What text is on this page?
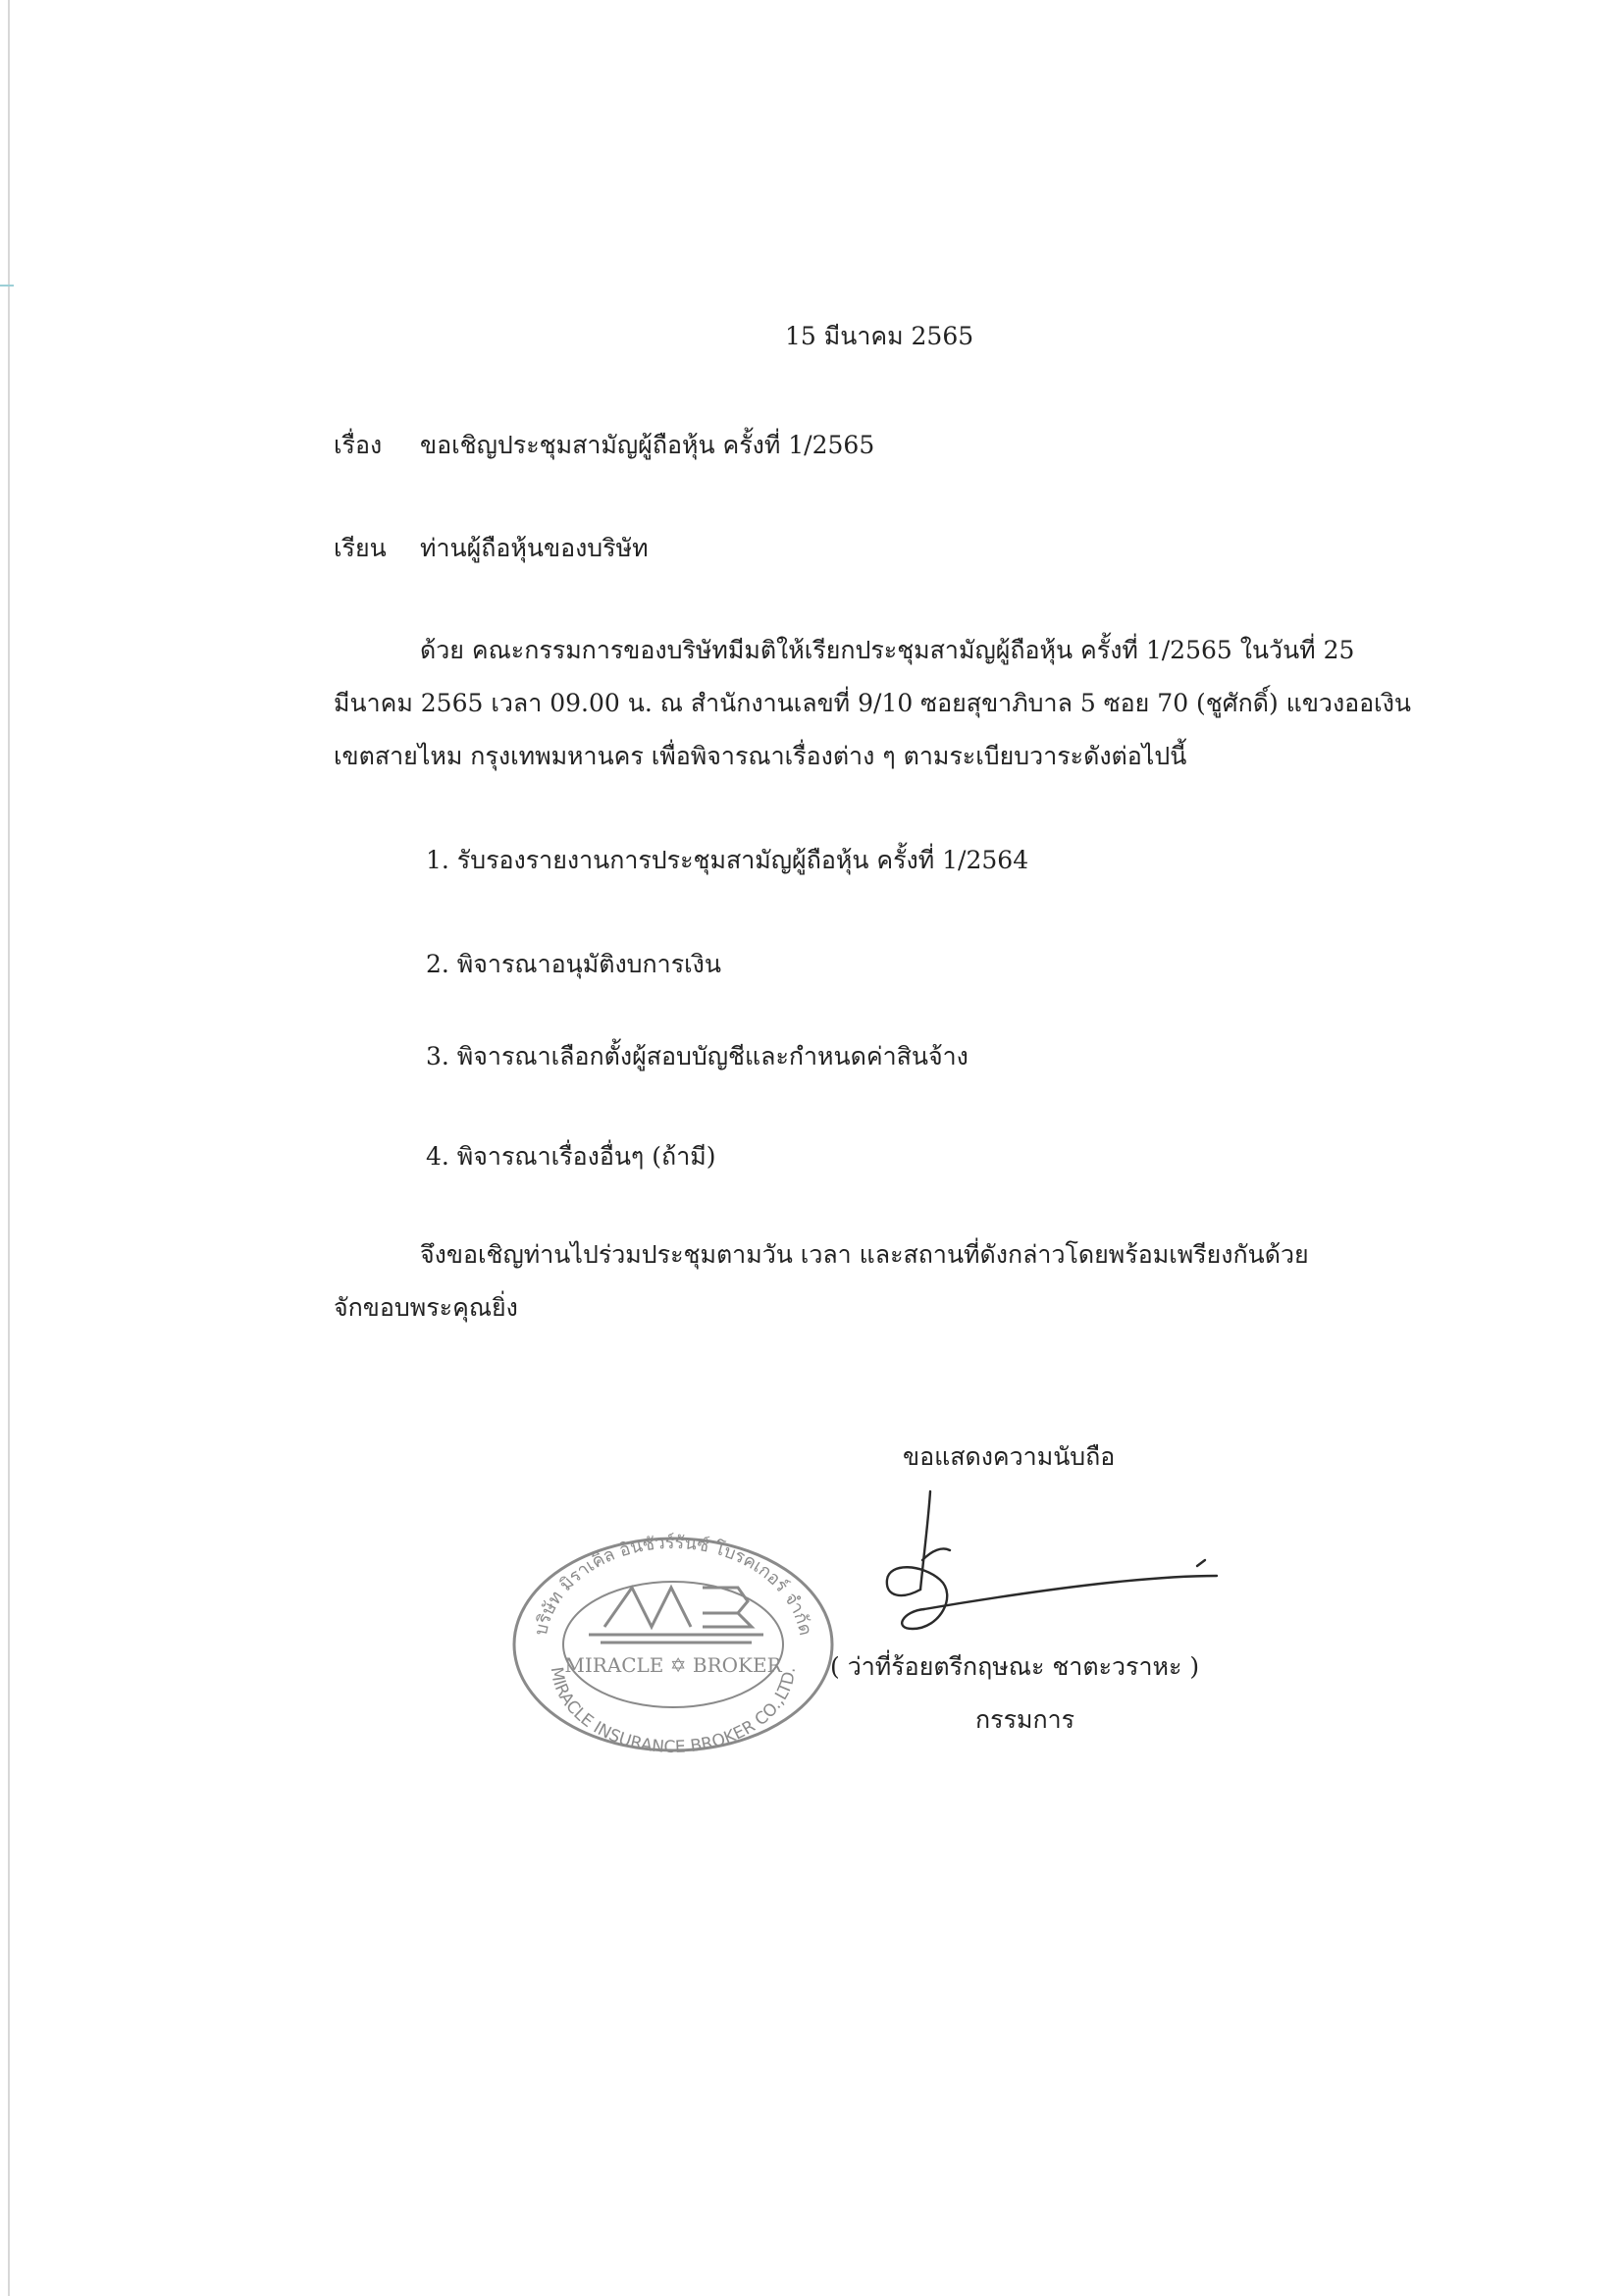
15 มีนาคม 2565
เรื่อง ขอเชิญประชุมสามัญผู้ถือหุ้น ครั้งที่ 1/2565
เรียน ท่านผู้ถือหุ้นของบริษัท
ด้วย คณะกรรมการของบริษัทมีมติให้เรียกประชุมสามัญผู้ถือหุ้น ครั้งที่ 1/2565 ในวันที่ 25
มีนาคม 2565 เวลา 09.00 น. ณ สำนักงานเลขที่ 9/10 ซอยสุขาภิบาล 5 ซอย 70 (ชูศักดิ์) แขวงออเงิน
เขตสายไหม กรุงเทพมหานคร เพื่อพิจารณาเรื่องต่าง ๆ ตามระเบียบวาระดังต่อไปนี้
1. รับรองรายงานการประชุมสามัญผู้ถือหุ้น ครั้งที่ 1/2564
2. พิจารณาอนุมัติงบการเงิน
3. พิจารณาเลือกตั้งผู้สอบบัญชีและกำหนดค่าสินจ้าง
4. พิจารณาเรื่องอื่นๆ (ถ้ามี)
จึงขอเชิญท่านไปร่วมประชุมตามวัน เวลา และสถานที่ดังกล่าวโดยพร้อมเพรียงกันด้วย
จักขอบพระคุณยิ่ง
ขอแสดงความนับถือ
บริษัท มิราเคิล อินชัวร์รันซ์ โบรคเกอร์ จำกัด
MIRACLE INSURANCE BROKER CO.,LTD.
MIRACLE ✡ BROKER ( ว่าที่ร้อยตรีกฤษณะ ชาตะวราหะ )
กรรมการ
